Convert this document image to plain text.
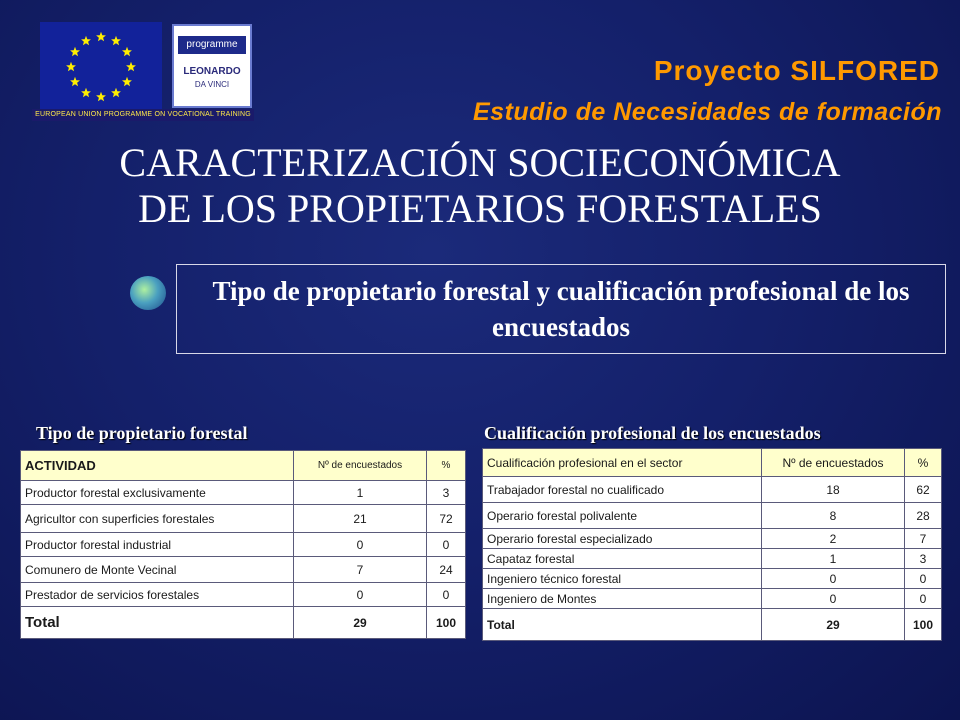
EUROPEAN UNION PROGRAMME ON VOCATIONAL TRAINING
programme
LEONARDO
DA VINCI	Proyecto SILFORED
Estudio de Necesidades de formación
CARACTERIZACIÓN SOCIECONÓMICA
DE LOS PROPIETARIOS FORESTALES
Tipo de propietario forestal y cualificación profesional de los encuestados
Tipo de propietario forestal	Cualificación profesional de los encuestados
ACTIVIDAD	Nº de encuestados	%
Productor forestal exclusivamente	1	3
Agricultor con superficies forestales	21	72
Productor forestal industrial	0	0
Comunero de Monte Vecinal	7	24
Prestador de servicios forestales	0	0
Total	29	100
Cualificación profesional en el sector	Nº de encuestados	%
Trabajador forestal no cualificado	18	62
Operario forestal polivalente	8	28
Operario forestal especializado	2	7
Capataz forestal	1	3
Ingeniero técnico forestal	0	0
Ingeniero de Montes	0	0
Total	29	100
